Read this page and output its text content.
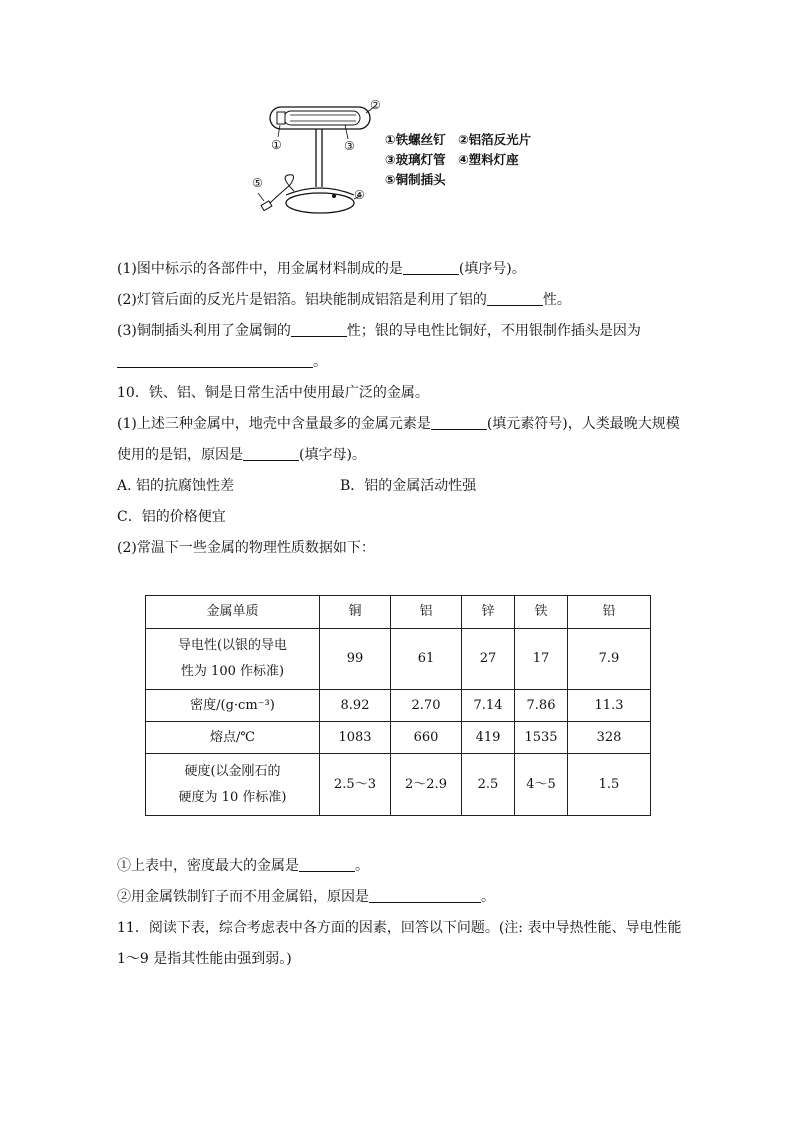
①
②
③
④
⑤
①铁螺丝钉　②铝箔反光片
③玻璃灯管　④塑料灯座
⑤铜制插头
(1)图中标示的各部件中，用金属材料制成的是	(填序号)。
(2)灯管后面的反光片是铝箔。铝块能制成铝箔是利用了铝的	性。
(3)铜制插头利用了金属铜的	性；银的导电性比铜好，不用银制作插头是因为
。
10．铁、铝、铜是日常生活中使用最广泛的金属。
(1)上述三种金属中，地壳中含量最多的金属元素是	(填元素符号)，人类最晚大规模
使用的是铝，原因是	(填字母)。
A. 铝的抗腐蚀性差	B．铝的金属活动性强
C．铝的价格便宜
(2)常温下一些金属的物理性质数据如下：
金属单质	铜	铝	锌	铁	铅

导电性(以银的导电
性为 100 作标准)	99	61	27	17	7.9
密度/(g·cm⁻³)	8.92	2.70	7.14	7.86	11.3
熔点/℃	1083	660	419	1535	328

硬度(以金刚石的
硬度为 10 作标准)	2.5～3	2～2.9	2.5	4～5	1.5
①上表中，密度最大的金属是	。
②用金属铁制钉子而不用金属铅，原因是	。
11．阅读下表，综合考虑表中各方面的因素，回答以下问题。(注: 表中导热性能、导电性能
1～9 是指其性能由强到弱。)
